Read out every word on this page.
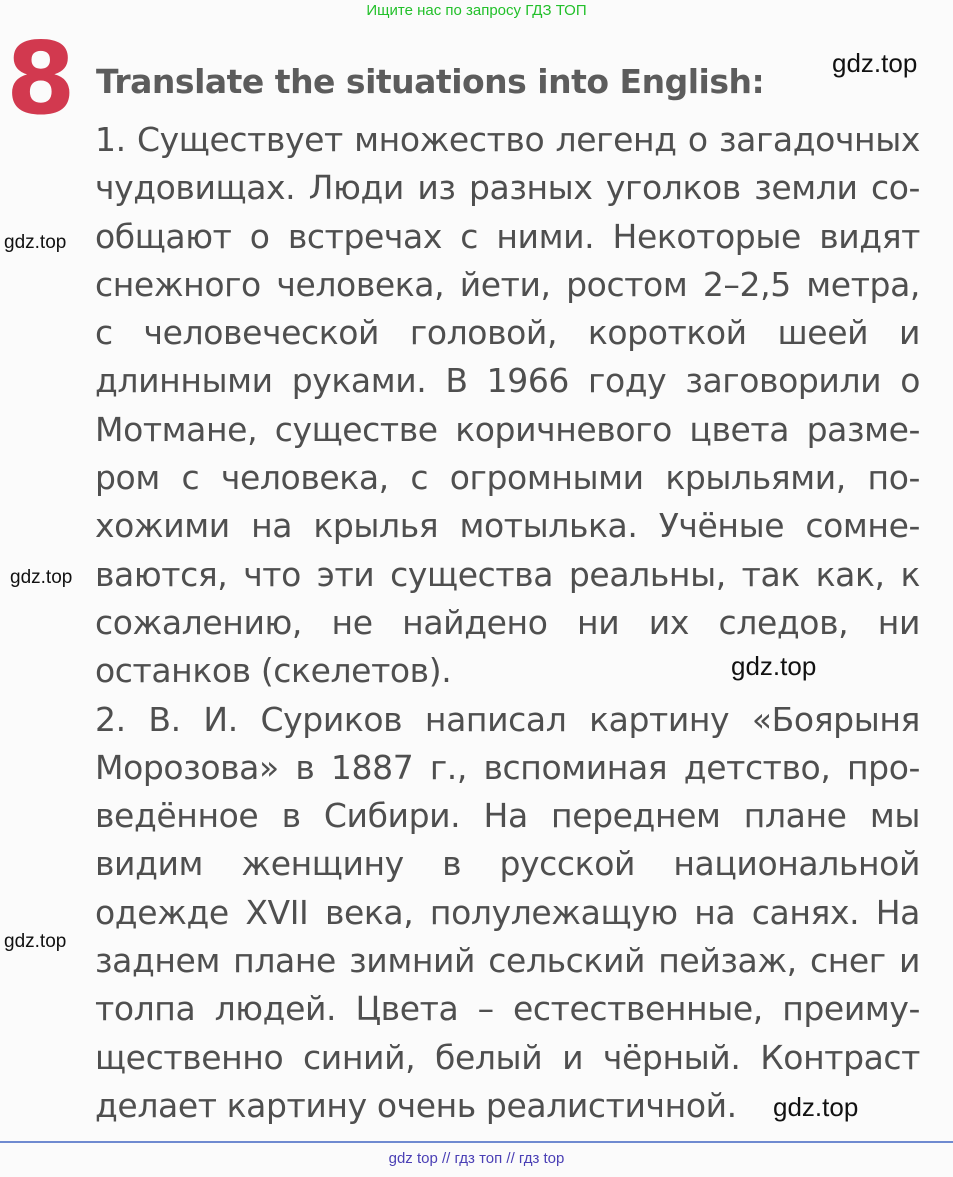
Ищите нас по запросу ГДЗ ТОП
8 Translate the situations into English:
1. Существует множество легенд о загадочных
чудовищах. Люди из разных уголков земли со-
общают о встречах с ними. Некоторые видят
снежного человека, йети, ростом 2–2,5 метра,
с человеческой головой, короткой шеей и
длинными руками. В 1966 году заговорили о
Мотмане, существе коричневого цвета разме-
ром с человека, с огромными крыльями, по-
хожими на крылья мотылька. Учёные сомне-
ваются, что эти существа реальны, так как, к
сожалению, не найдено ни их следов, ни
останков (скелетов).
2. В. И. Суриков написал картину «Боярыня
Морозова» в 1887 г., вспоминая детство, про-
ведённое в Сибири. На переднем плане мы
видим женщину в русской национальной
одежде XVII века, полулежащую на санях. На
заднем плане зимний сельский пейзаж, снег и
толпа людей. Цвета – естественные, преиму-
щественно синий, белый и чёрный. Контраст
делает картину очень реалистичной.
gdz.top
gdz.top
gdz.top
gdz.top
gdz.top
gdz.top
gdz top // гдз топ // гдз top
